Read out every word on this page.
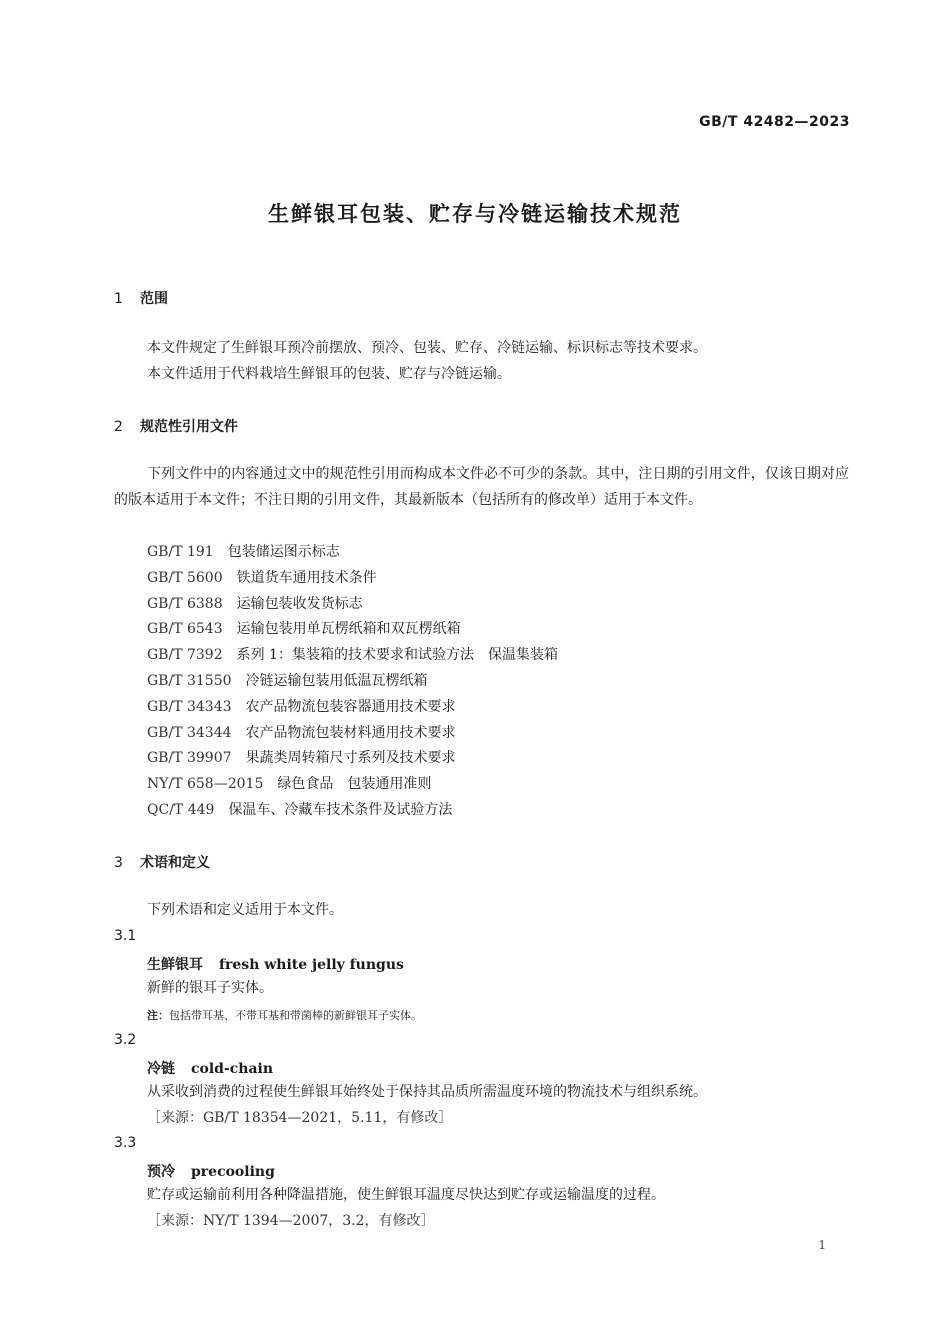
GB/T 42482—2023
生鲜银耳包装、贮存与冷链运输技术规范
1 范围
本文件规定了生鲜银耳预冷前摆放、预冷、包装、贮存、冷链运输、标识标志等技术要求。
本文件适用于代料栽培生鲜银耳的包装、贮存与冷链运输。
2 规范性引用文件
下列文件中的内容通过文中的规范性引用而构成本文件必不可少的条款。其中，注日期的引用文件，仅该日期对应的版本适用于本文件；不注日期的引用文件，其最新版本（包括所有的修改单）适用于本文件。
GB/T 191 包装储运图示标志
GB/T 5600 铁道货车通用技术条件
GB/T 6388 运输包装收发货标志
GB/T 6543 运输包装用单瓦楞纸箱和双瓦楞纸箱
GB/T 7392 系列 1：集装箱的技术要求和试验方法　保温集装箱
GB/T 31550 冷链运输包装用低温瓦楞纸箱
GB/T 34343 农产品物流包装容器通用技术要求
GB/T 34344 农产品物流包装材料通用技术要求
GB/T 39907 果蔬类周转箱尺寸系列及技术要求
NY/T 658—2015 绿色食品　包装通用准则
QC/T 449 保温车、冷藏车技术条件及试验方法
3 术语和定义
下列术语和定义适用于本文件。
3.1
生鲜银耳 fresh white jelly fungus
新鲜的银耳子实体。
注：包括带耳基、不带耳基和带菌棒的新鲜银耳子实体。
3.2
冷链 cold-chain
从采收到消费的过程使生鲜银耳始终处于保持其品质所需温度环境的物流技术与组织系统。
［来源：GB/T 18354—2021，5.11，有修改］
3.3
预冷 precooling
贮存或运输前利用各种降温措施，使生鲜银耳温度尽快达到贮存或运输温度的过程。
［来源：NY/T 1394—2007，3.2，有修改］
1
